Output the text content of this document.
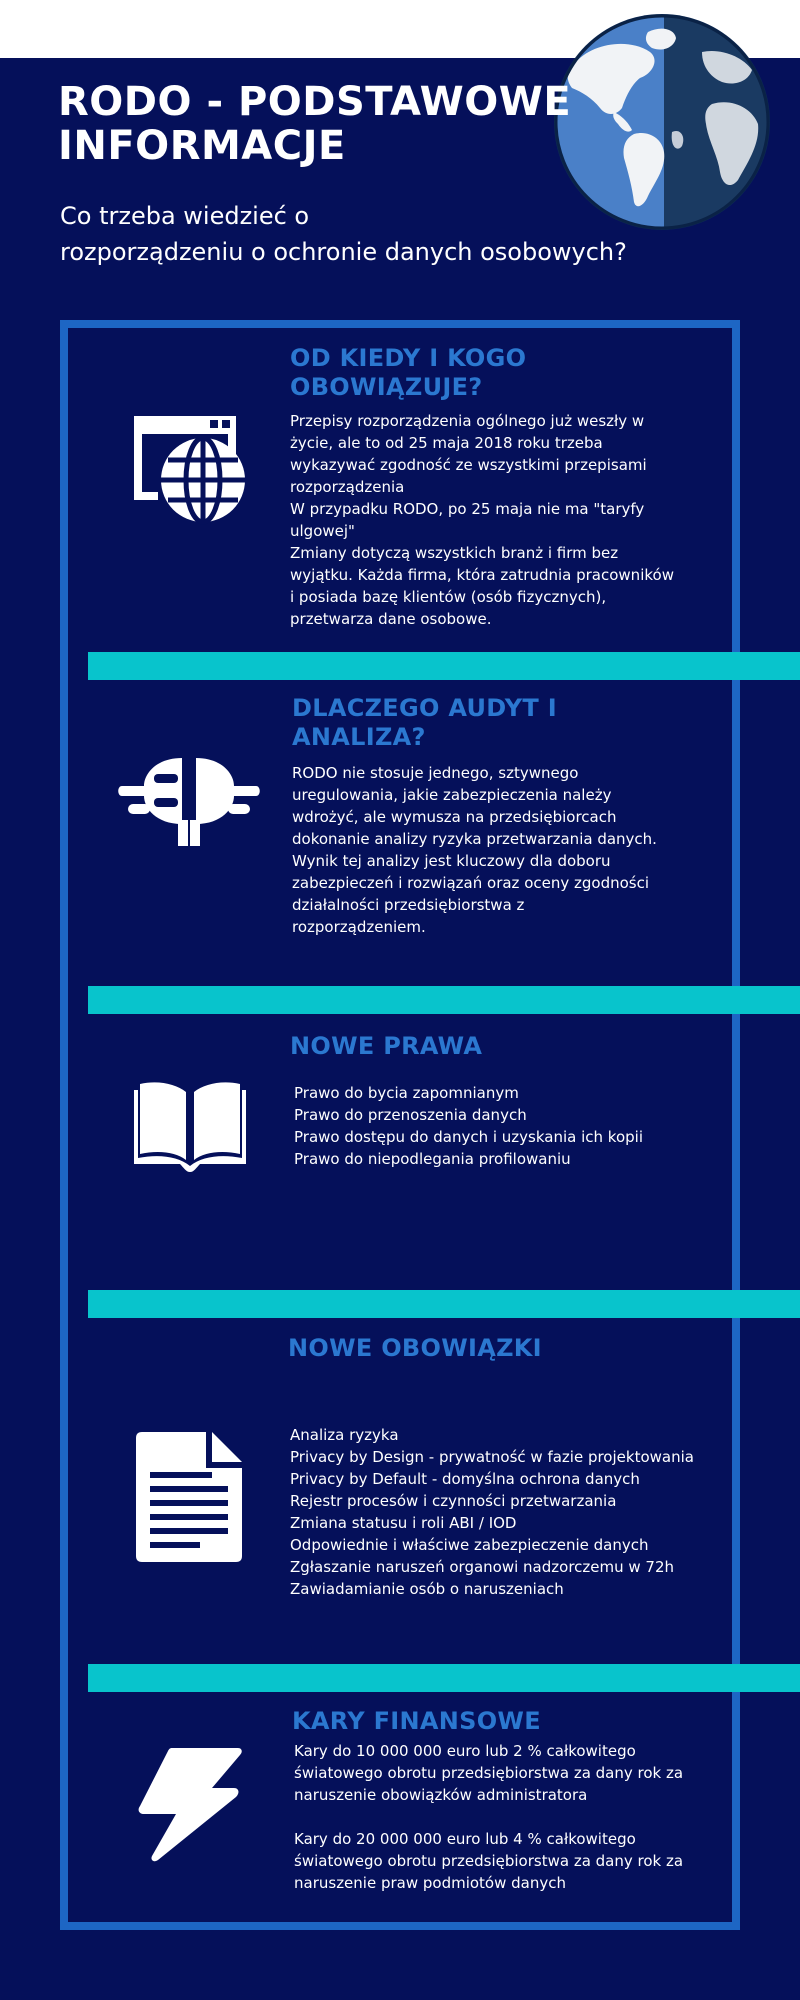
RODO - PODSTAWOWE
INFORMACJE

Co trzeba wiedzieć o
rozporządzeniu o ochronie danych osobowych?

OD KIEDY I KOGO
OBOWIĄZUJE?
Przepisy rozporządzenia ogólnego już weszły w
życie, ale to od 25 maja 2018 roku trzeba
wykazywać zgodność ze wszystkimi przepisami
rozporządzenia
W przypadku RODO, po 25 maja nie ma "taryfy
ulgowej"
Zmiany dotyczą wszystkich branż i firm bez
wyjątku. Każda firma, która zatrudnia pracowników
i posiada bazę klientów (osób fizycznych),
przetwarza dane osobowe.
DLACZEGO AUDYT I
ANALIZA?
RODO nie stosuje jednego, sztywnego
uregulowania, jakie zabezpieczenia należy
wdrożyć, ale wymusza na przedsiębiorcach
dokonanie analizy ryzyka przetwarzania danych.
Wynik tej analizy jest kluczowy dla doboru
zabezpieczeń i rozwiązań oraz oceny zgodności
działalności przedsiębiorstwa z
rozporządzeniem.
NOWE PRAWA
Prawo do bycia zapomnianym
Prawo do przenoszenia danych
Prawo dostępu do danych i uzyskania ich kopii
Prawo do niepodlegania profilowaniu
NOWE OBOWIĄZKI
Analiza ryzyka
Privacy by Design - prywatność w fazie projektowania
Privacy by Default - domyślna ochrona danych
Rejestr procesów i czynności przetwarzania
Zmiana statusu i roli ABI / IOD
Odpowiednie i właściwe zabezpieczenie danych
Zgłaszanie naruszeń organowi nadzorczemu w 72h
Zawiadamianie osób o naruszeniach
KARY FINANSOWE
Kary do 10 000 000 euro lub 2 % całkowitego
światowego obrotu przedsiębiorstwa za dany rok za
naruszenie obowiązków administratora

Kary do 20 000 000 euro lub 4 % całkowitego
światowego obrotu przedsiębiorstwa za dany rok za
naruszenie praw podmiotów danych
